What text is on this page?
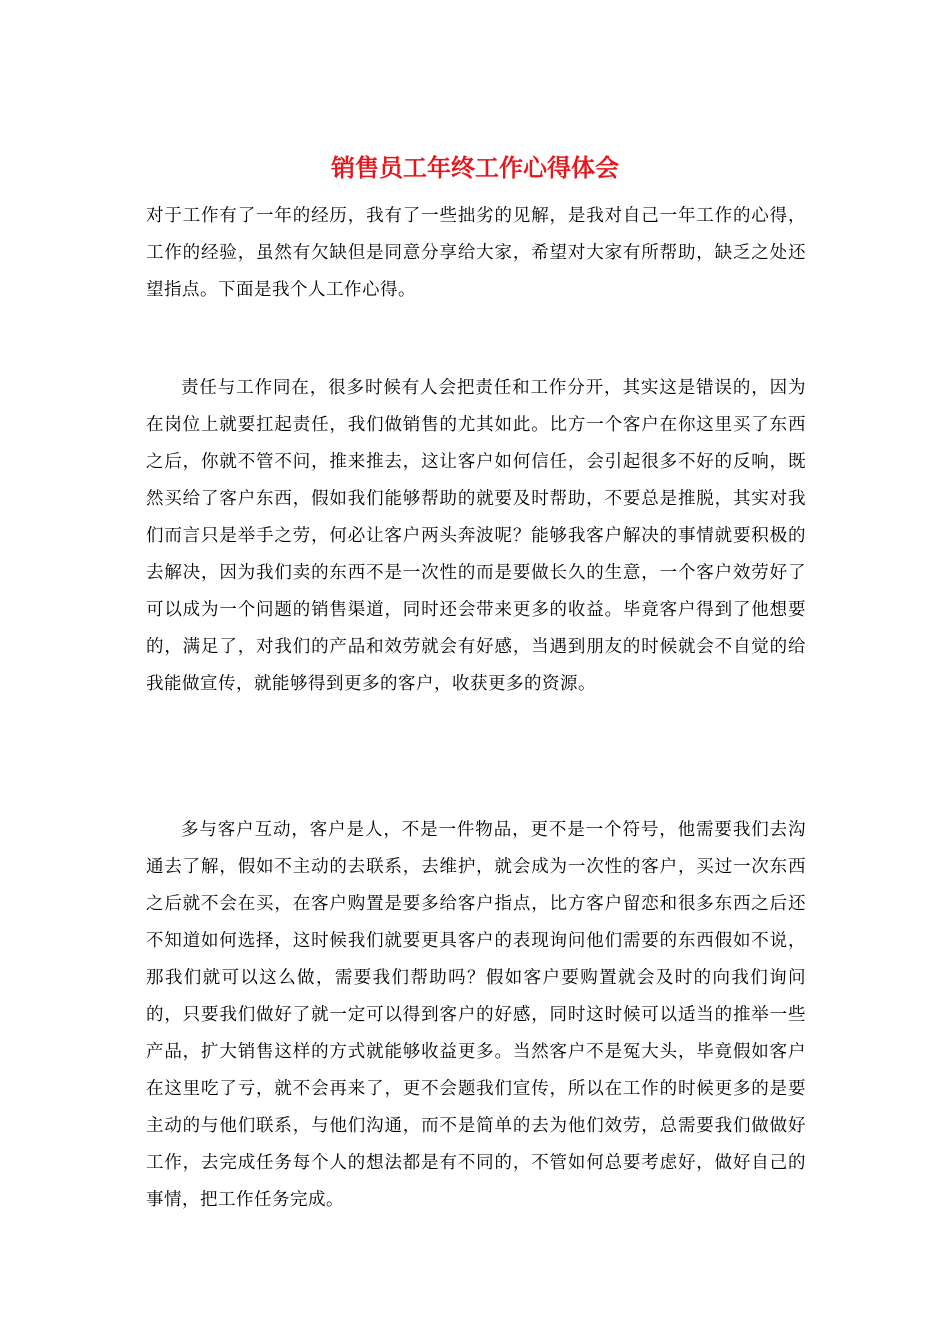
销售员工年终工作心得体会

对于工作有了一年的经历，我有了一些拙劣的见解，是我对自己一年工作的心得，工作的经验，虽然有欠缺但是同意分享给大家，希望对大家有所帮助，缺乏之处还望指点。下面是我个人工作心得。

责任与工作同在，很多时候有人会把责任和工作分开，其实这是错误的，因为在岗位上就要扛起责任，我们做销售的尤其如此。比方一个客户在你这里买了东西之后，你就不管不问，推来推去，这让客户如何信任，会引起很多不好的反响，既然买给了客户东西，假如我们能够帮助的就要及时帮助，不要总是推脱，其实对我们而言只是举手之劳，何必让客户两头奔波呢？能够我客户解决的事情就要积极的去解决，因为我们卖的东西不是一次性的而是要做长久的生意，一个客户效劳好了可以成为一个问题的销售渠道，同时还会带来更多的收益。毕竟客户得到了他想要的，满足了，对我们的产品和效劳就会有好感，当遇到朋友的时候就会不自觉的给我能做宣传，就能够得到更多的客户，收获更多的资源。

多与客户互动，客户是人，不是一件物品，更不是一个符号，他需要我们去沟通去了解，假如不主动的去联系，去维护，就会成为一次性的客户，买过一次东西之后就不会在买，在客户购置是要多给客户指点，比方客户留恋和很多东西之后还不知道如何选择，这时候我们就要更具客户的表现询问他们需要的东西假如不说，那我们就可以这么做，需要我们帮助吗？假如客户要购置就会及时的向我们询问的，只要我们做好了就一定可以得到客户的好感，同时这时候可以适当的推举一些产品，扩大销售这样的方式就能够收益更多。当然客户不是冤大头，毕竟假如客户在这里吃了亏，就不会再来了，更不会题我们宣传，所以在工作的时候更多的是要主动的与他们联系，与他们沟通，而不是简单的去为他们效劳，总需要我们做做好工作，去完成任务每个人的想法都是有不同的，不管如何总要考虑好，做好自己的事情，把工作任务完成。
